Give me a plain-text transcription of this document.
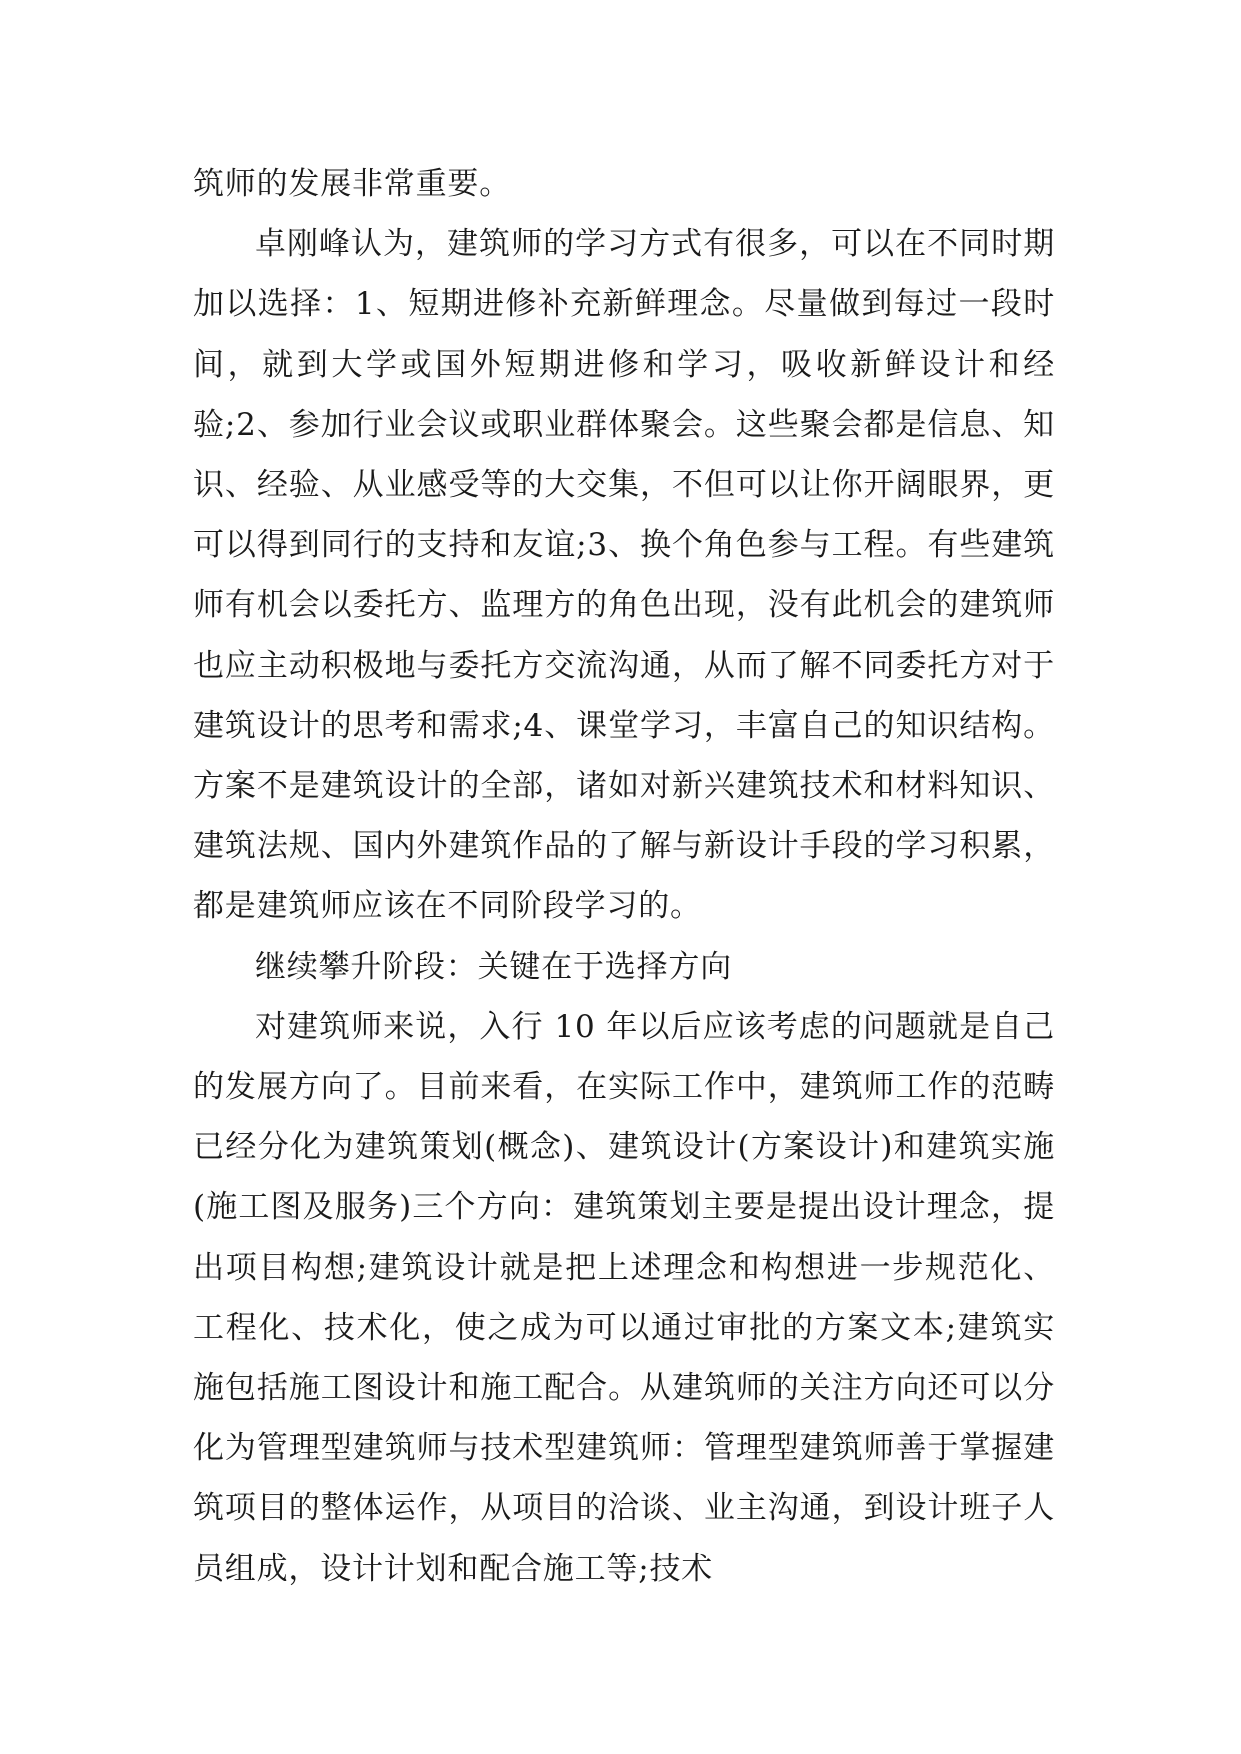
筑师的发展非常重要。

卓刚峰认为，建筑师的学习方式有很多，可以在不同时期加以选择：1、短期进修补充新鲜理念。尽量做到每过一段时间，就到大学或国外短期进修和学习，吸收新鲜设计和经验;2、参加行业会议或职业群体聚会。这些聚会都是信息、知识、经验、从业感受等的大交集，不但可以让你开阔眼界，更可以得到同行的支持和友谊;3、换个角色参与工程。有些建筑师有机会以委托方、监理方的角色出现，没有此机会的建筑师也应主动积极地与委托方交流沟通，从而了解不同委托方对于建筑设计的思考和需求;4、课堂学习，丰富自己的知识结构。方案不是建筑设计的全部，诸如对新兴建筑技术和材料知识、建筑法规、国内外建筑作品的了解与新设计手段的学习积累，都是建筑师应该在不同阶段学习的。

继续攀升阶段：关键在于选择方向

对建筑师来说，入行 10 年以后应该考虑的问题就是自己的发展方向了。目前来看，在实际工作中，建筑师工作的范畴已经分化为建筑策划(概念)、建筑设计(方案设计)和建筑实施(施工图及服务)三个方向：建筑策划主要是提出设计理念，提出项目构想;建筑设计就是把上述理念和构想进一步规范化、工程化、技术化，使之成为可以通过审批的方案文本;建筑实施包括施工图设计和施工配合。从建筑师的关注方向还可以分化为管理型建筑师与技术型建筑师：管理型建筑师善于掌握建筑项目的整体运作，从项目的洽谈、业主沟通，到设计班子人员组成，设计计划和配合施工等;技术
